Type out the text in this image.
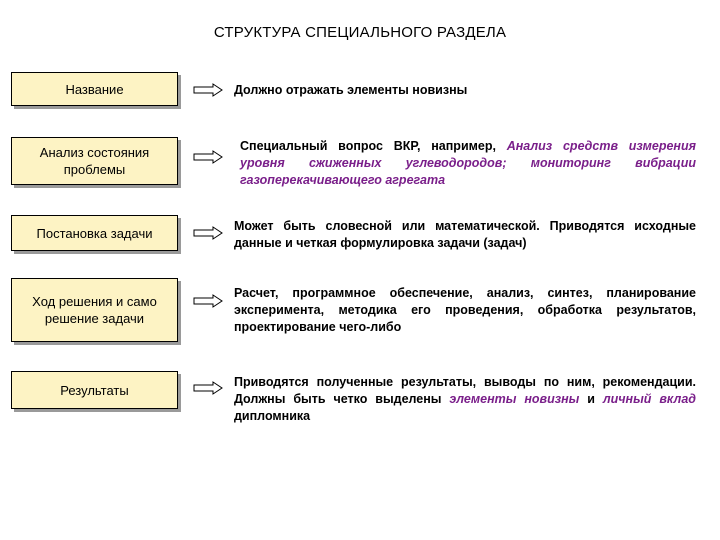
СТРУКТУРА СПЕЦИАЛЬНОГО РАЗДЕЛА
Название	Должно отражать элементы новизны

Анализ состояния проблемы

Специальный вопрос ВКР, например, Анализ средств измерения уровня сжиженных углеводородов; мониторинг вибрации газоперекачивающего агрегата

Постановка задачи	Может быть словесной или математической. Приводятся исходные данные и четкая формулировка задачи (задач)

Ход решения и само решение задачи

Расчет, программное обеспечение, анализ, синтез, планирование эксперимента, методика его проведения, обработка результатов, проектирование чего-либо

Результаты

Приводятся полученные результаты, выводы по ним, рекомендации. Должны быть четко выделены элементы новизны и личный вклад дипломника
